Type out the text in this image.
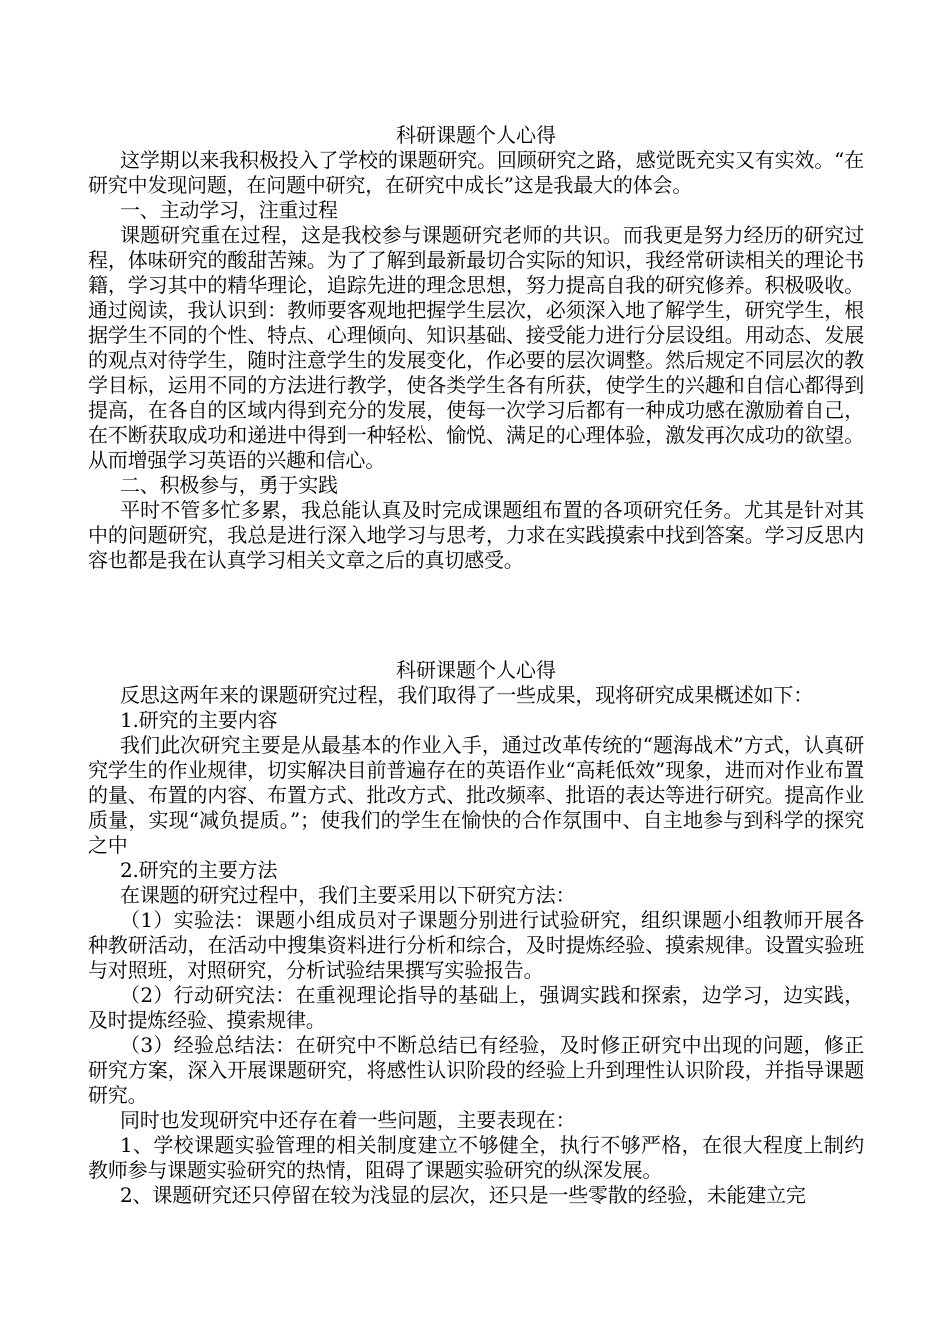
科研课题个人心得

这学期以来我积极投入了学校的课题研究。回顾研究之路，感觉既充实又有实效。“在研究中发现问题，在问题中研究，在研究中成长”这是我最大的体会。

一、主动学习，注重过程

课题研究重在过程，这是我校参与课题研究老师的共识。而我更是努力经历的研究过程，体味研究的酸甜苦辣。为了了解到最新最切合实际的知识，我经常研读相关的理论书籍，学习其中的精华理论，追踪先进的理念思想，努力提高自我的研究修养。积极吸收。通过阅读，我认识到：教师要客观地把握学生层次，必须深入地了解学生，研究学生，根据学生不同的个性、特点、心理倾向、知识基础、接受能力进行分层设组。用动态、发展的观点对待学生，随时注意学生的发展变化，作必要的层次调整。然后规定不同层次的教学目标，运用不同的方法进行教学，使各类学生各有所获，使学生的兴趣和自信心都得到提高，在各自的区域内得到充分的发展，使每一次学习后都有一种成功感在激励着自己，在不断获取成功和递进中得到一种轻松、愉悦、满足的心理体验，激发再次成功的欲望。从而增强学习英语的兴趣和信心。

二、积极参与，勇于实践

平时不管多忙多累，我总能认真及时完成课题组布置的各项研究任务。尤其是针对其中的问题研究，我总是进行深入地学习与思考，力求在实践摸索中找到答案。学习反思内容也都是我在认真学习相关文章之后的真切感受。

科研课题个人心得

反思这两年来的课题研究过程，我们取得了一些成果，现将研究成果概述如下：

1.研究的主要内容

我们此次研究主要是从最基本的作业入手，通过改革传统的“题海战术”方式，认真研究学生的作业规律，切实解决目前普遍存在的英语作业“高耗低效”现象，进而对作业布置的量、布置的内容、布置方式、批改方式、批改频率、批语的表达等进行研究。提高作业质量，实现“减负提质。”；使我们的学生在愉快的合作氛围中、自主地参与到科学的探究之中

2.研究的主要方法

在课题的研究过程中，我们主要采用以下研究方法：

（1）实验法：课题小组成员对子课题分别进行试验研究，组织课题小组教师开展各种教研活动，在活动中搜集资料进行分析和综合，及时提炼经验、摸索规律。设置实验班与对照班，对照研究，分析试验结果撰写实验报告。

（2）行动研究法：在重视理论指导的基础上，强调实践和探索，边学习，边实践，及时提炼经验、摸索规律。

（3）经验总结法：在研究中不断总结已有经验，及时修正研究中出现的问题，修正研究方案，深入开展课题研究，将感性认识阶段的经验上升到理性认识阶段，并指导课题研究。

同时也发现研究中还存在着一些问题，主要表现在：

1、学校课题实验管理的相关制度建立不够健全，执行不够严格，在很大程度上制约教师参与课题实验研究的热情，阻碍了课题实验研究的纵深发展。

2、课题研究还只停留在较为浅显的层次，还只是一些零散的经验，未能建立完
